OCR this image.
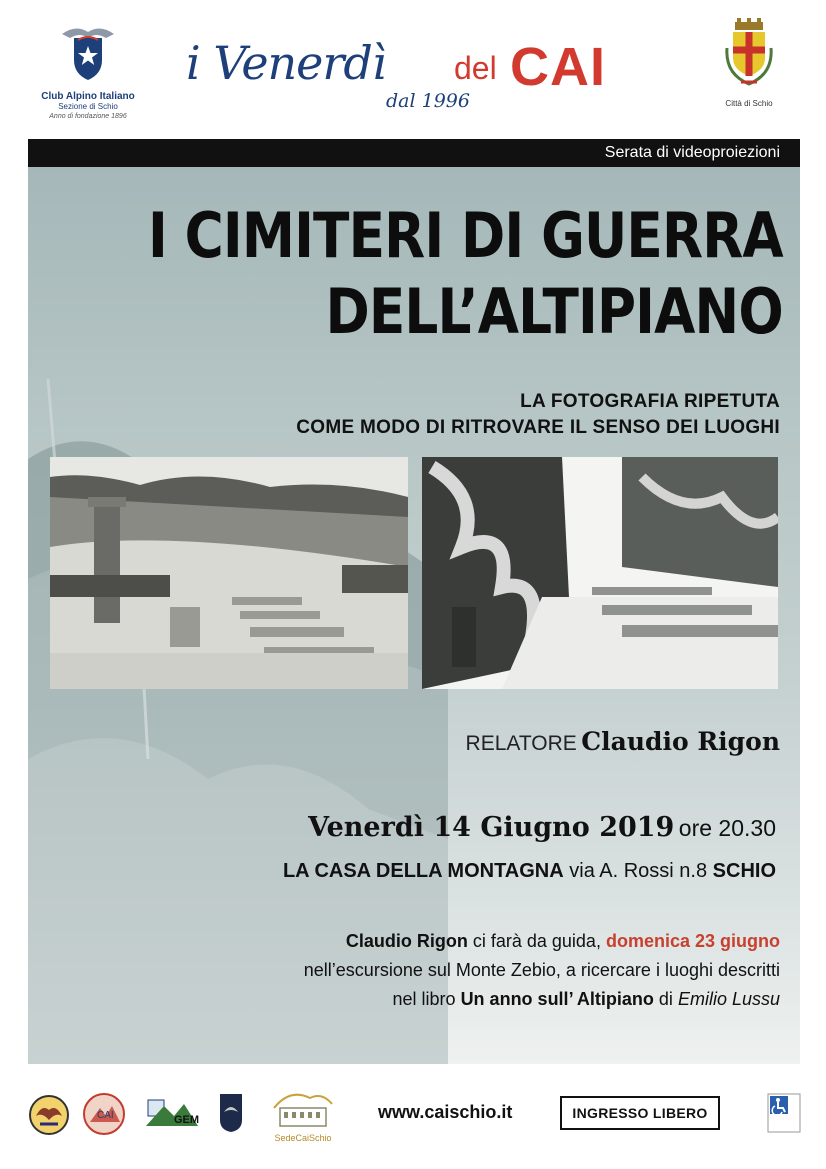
Club Alpino Italiano
Sezione di Schio
Anno di fondazione 1896
i Venerdì del CAI
dal 1996	Città di Schio
Serata di videoproiezioni
I CIMITERI DI GUERRA
DELL’ALTIPIANO
LA FOTOGRAFIA RIPETUTA
COME MODO DI RITROVARE IL SENSO DEI LUOGHI
RELATORE Claudio Rigon
Venerdì 14 Giugno 2019 ore 20.30
LA CASA DELLA MONTAGNA via A. Rossi n.8 SCHIO
Claudio Rigon ci farà da guida, domenica 23 giugno
nell’escursione sul Monte Zebio, a ricercare i luoghi descritti
nel libro Un anno sull’ Altipiano di Emilio Lussu
CAI	GEM
SedeCaiSchio
www.caischio.it	INGRESSO LIBERO
